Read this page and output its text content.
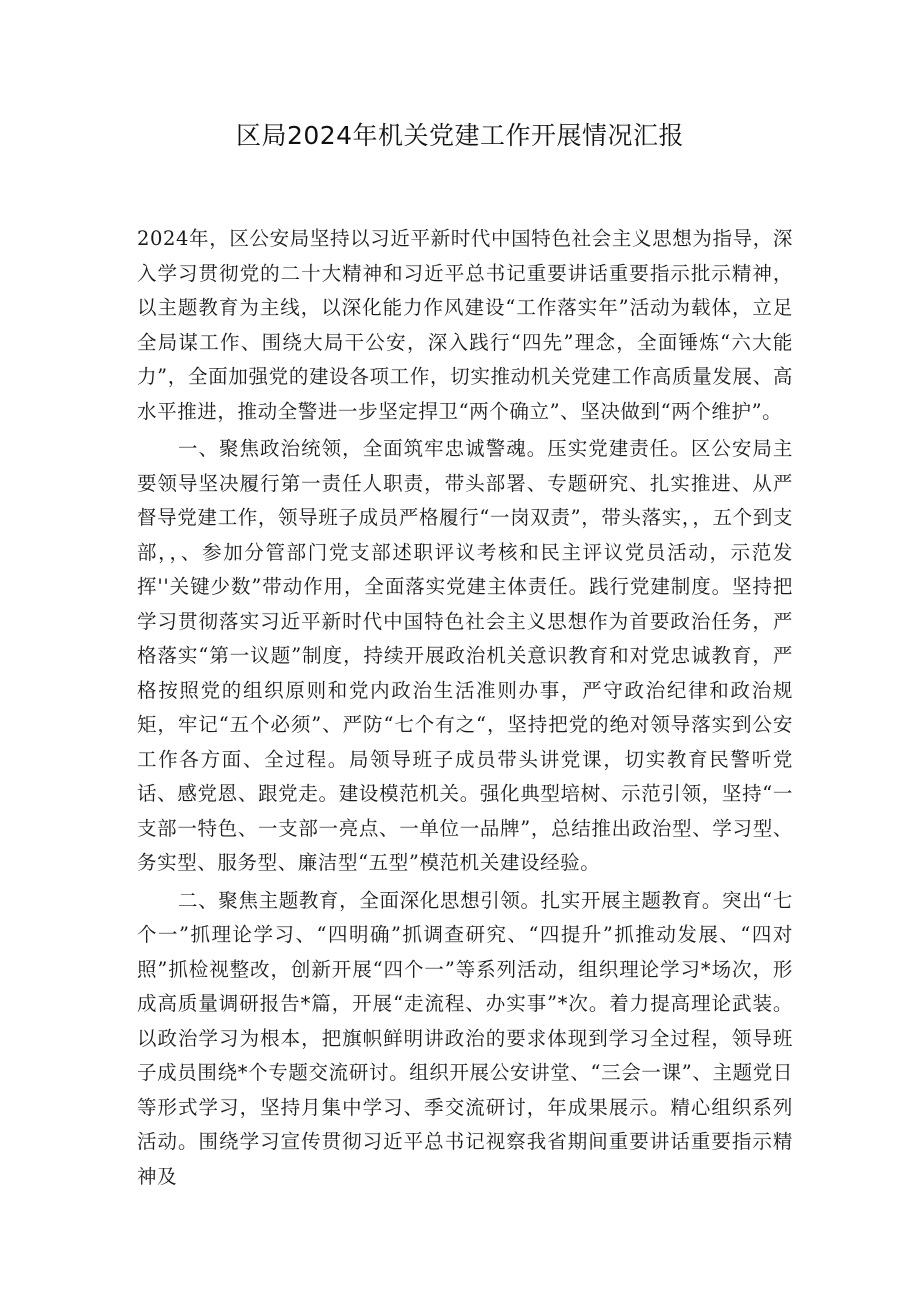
区局2024年机关党建工作开展情况汇报

2024年，区公安局坚持以习近平新时代中国特色社会主义思想为指导，深入学习贯彻党的二十大精神和习近平总书记重要讲话重要指示批示精神，以主题教育为主线，以深化能力作风建设“工作落实年”活动为载体，立足全局谋工作、围绕大局干公安，深入践行“四先”理念，全面锤炼“六大能力”，全面加强党的建设各项工作，切实推动机关党建工作高质量发展、高水平推进，推动全警进一步坚定捍卫“两个确立”、坚决做到“两个维护”。

一、聚焦政治统领，全面筑牢忠诚警魂。压实党建责任。区公安局主要领导坚决履行第一责任人职责，带头部署、专题研究、扎实推进、从严督导党建工作，领导班子成员严格履行“一岗双责”，带头落实，，五个到支部，，、参加分管部门党支部述职评议考核和民主评议党员活动，示范发挥''关键少数”带动作用，全面落实党建主体责任。践行党建制度。坚持把学习贯彻落实习近平新时代中国特色社会主义思想作为首要政治任务，严格落实“第一议题”制度，持续开展政治机关意识教育和对党忠诚教育，严格按照党的组织原则和党内政治生活准则办事，严守政治纪律和政治规矩，牢记“五个必须”、严防“七个有之“，坚持把党的绝对领导落实到公安工作各方面、全过程。局领导班子成员带头讲党课，切实教育民警听党话、感党恩、跟党走。建设模范机关。强化典型培树、示范引领，坚持“一支部一特色、一支部一亮点、一单位一品牌”，总结推出政治型、学习型、务实型、服务型、廉洁型“五型”模范机关建设经验。

二、聚焦主题教育，全面深化思想引领。扎实开展主题教育。突出“七个一”抓理论学习、“四明确”抓调查研究、“四提升”抓推动发展、“四对照”抓检视整改，创新开展“四个一”等系列活动，组织理论学习*场次，形成高质量调研报告*篇，开展“走流程、办实事”*次。着力提高理论武装。以政治学习为根本，把旗帜鲜明讲政治的要求体现到学习全过程，领导班子成员围绕*个专题交流研讨。组织开展公安讲堂、“三会一课”、主题党日等形式学习，坚持月集中学习、季交流研讨，年成果展示。精心组织系列活动。围绕学习宣传贯彻习近平总书记视察我省期间重要讲话重要指示精神及
